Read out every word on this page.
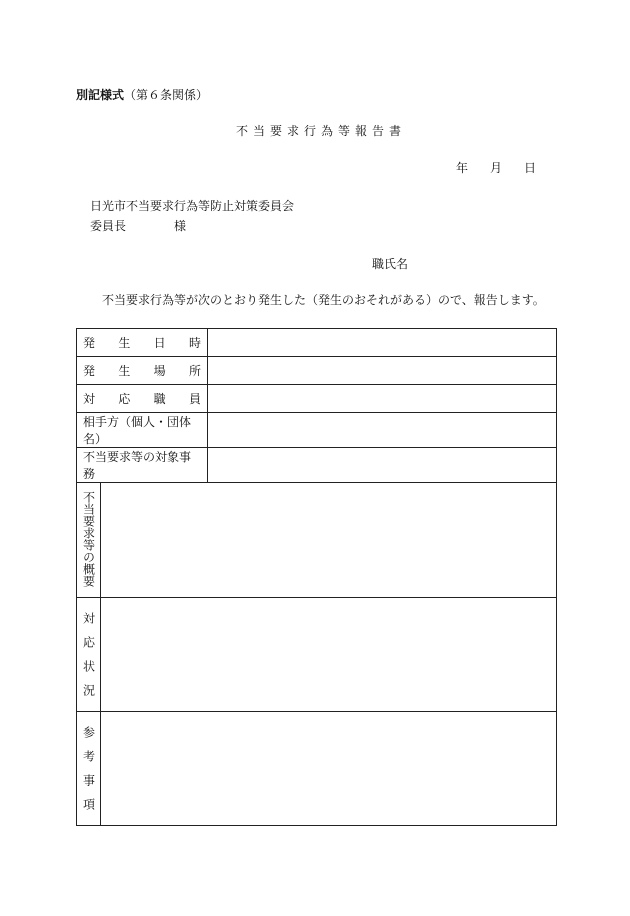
別記様式（第６条関係）
不当要求行為等報告書
年 月 日
日光市不当要求行為等防止対策委員会
委員長	様
職氏名
不当要求行為等が次のとおり発生した（発生のおそれがある）ので、報告します。
発生日時		
発生場所		
対応職員		
相手方（個人・団体名）		
不当要求等の対象事務		
不当要求等の概要		
対応状況		
参考事項		
